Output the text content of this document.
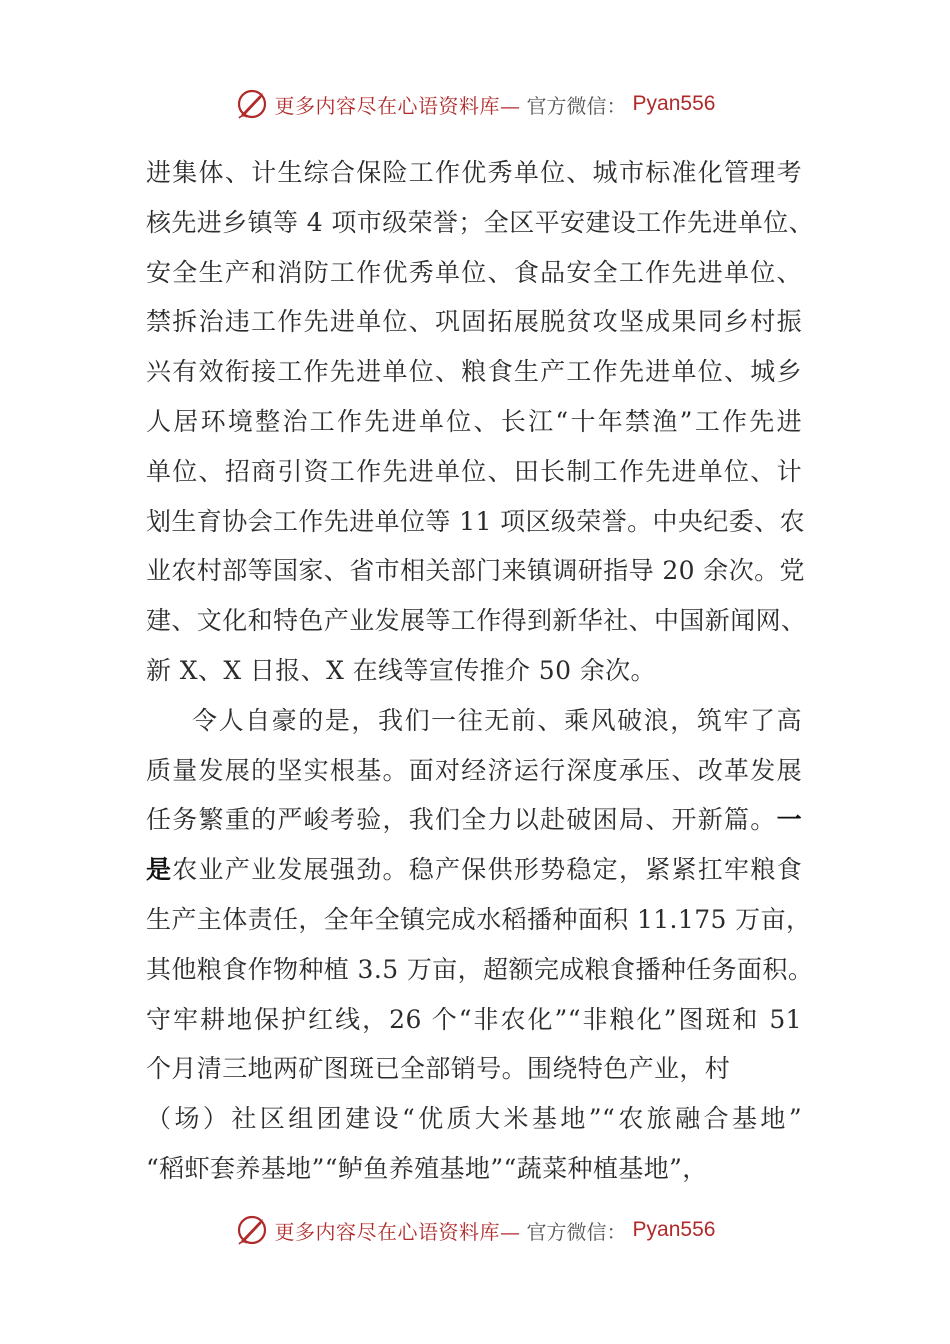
更多内容尽在心语资料库— 官方微信： Pyan556
进集体、计生综合保险工作优秀单位、城市标准化管理考
核先进乡镇等 4 项市级荣誉；全区平安建设工作先进单位、
安全生产和消防工作优秀单位、食品安全工作先进单位、
禁拆治违工作先进单位、巩固拓展脱贫攻坚成果同乡村振
兴有效衔接工作先进单位、粮食生产工作先进单位、城乡
人居环境整治工作先进单位、长江“十年禁渔”工作先进
单位、招商引资工作先进单位、田长制工作先进单位、计
划生育协会工作先进单位等 11 项区级荣誉。中央纪委、农
业农村部等国家、省市相关部门来镇调研指导 20 余次。党
建、文化和特色产业发展等工作得到新华社、中国新闻网、
新 X、X 日报、X 在线等宣传推介 50 余次。
令人自豪的是，我们一往无前、乘风破浪，筑牢了高
质量发展的坚实根基。面对经济运行深度承压、改革发展
任务繁重的严峻考验，我们全力以赴破困局、开新篇。一
是农业产业发展强劲。稳产保供形势稳定，紧紧扛牢粮食
生产主体责任，全年全镇完成水稻播种面积 11.175 万亩，
其他粮食作物种植 3.5 万亩，超额完成粮食播种任务面积。
守牢耕地保护红线，26 个“非农化”“非粮化”图斑和 51
个月清三地两矿图斑已全部销号。围绕特色产业，村
（场）社区组团建设“优质大米基地”“农旅融合基地”
“稻虾套养基地”“鲈鱼养殖基地”“蔬菜种植基地”，
更多内容尽在心语资料库— 官方微信： Pyan556
